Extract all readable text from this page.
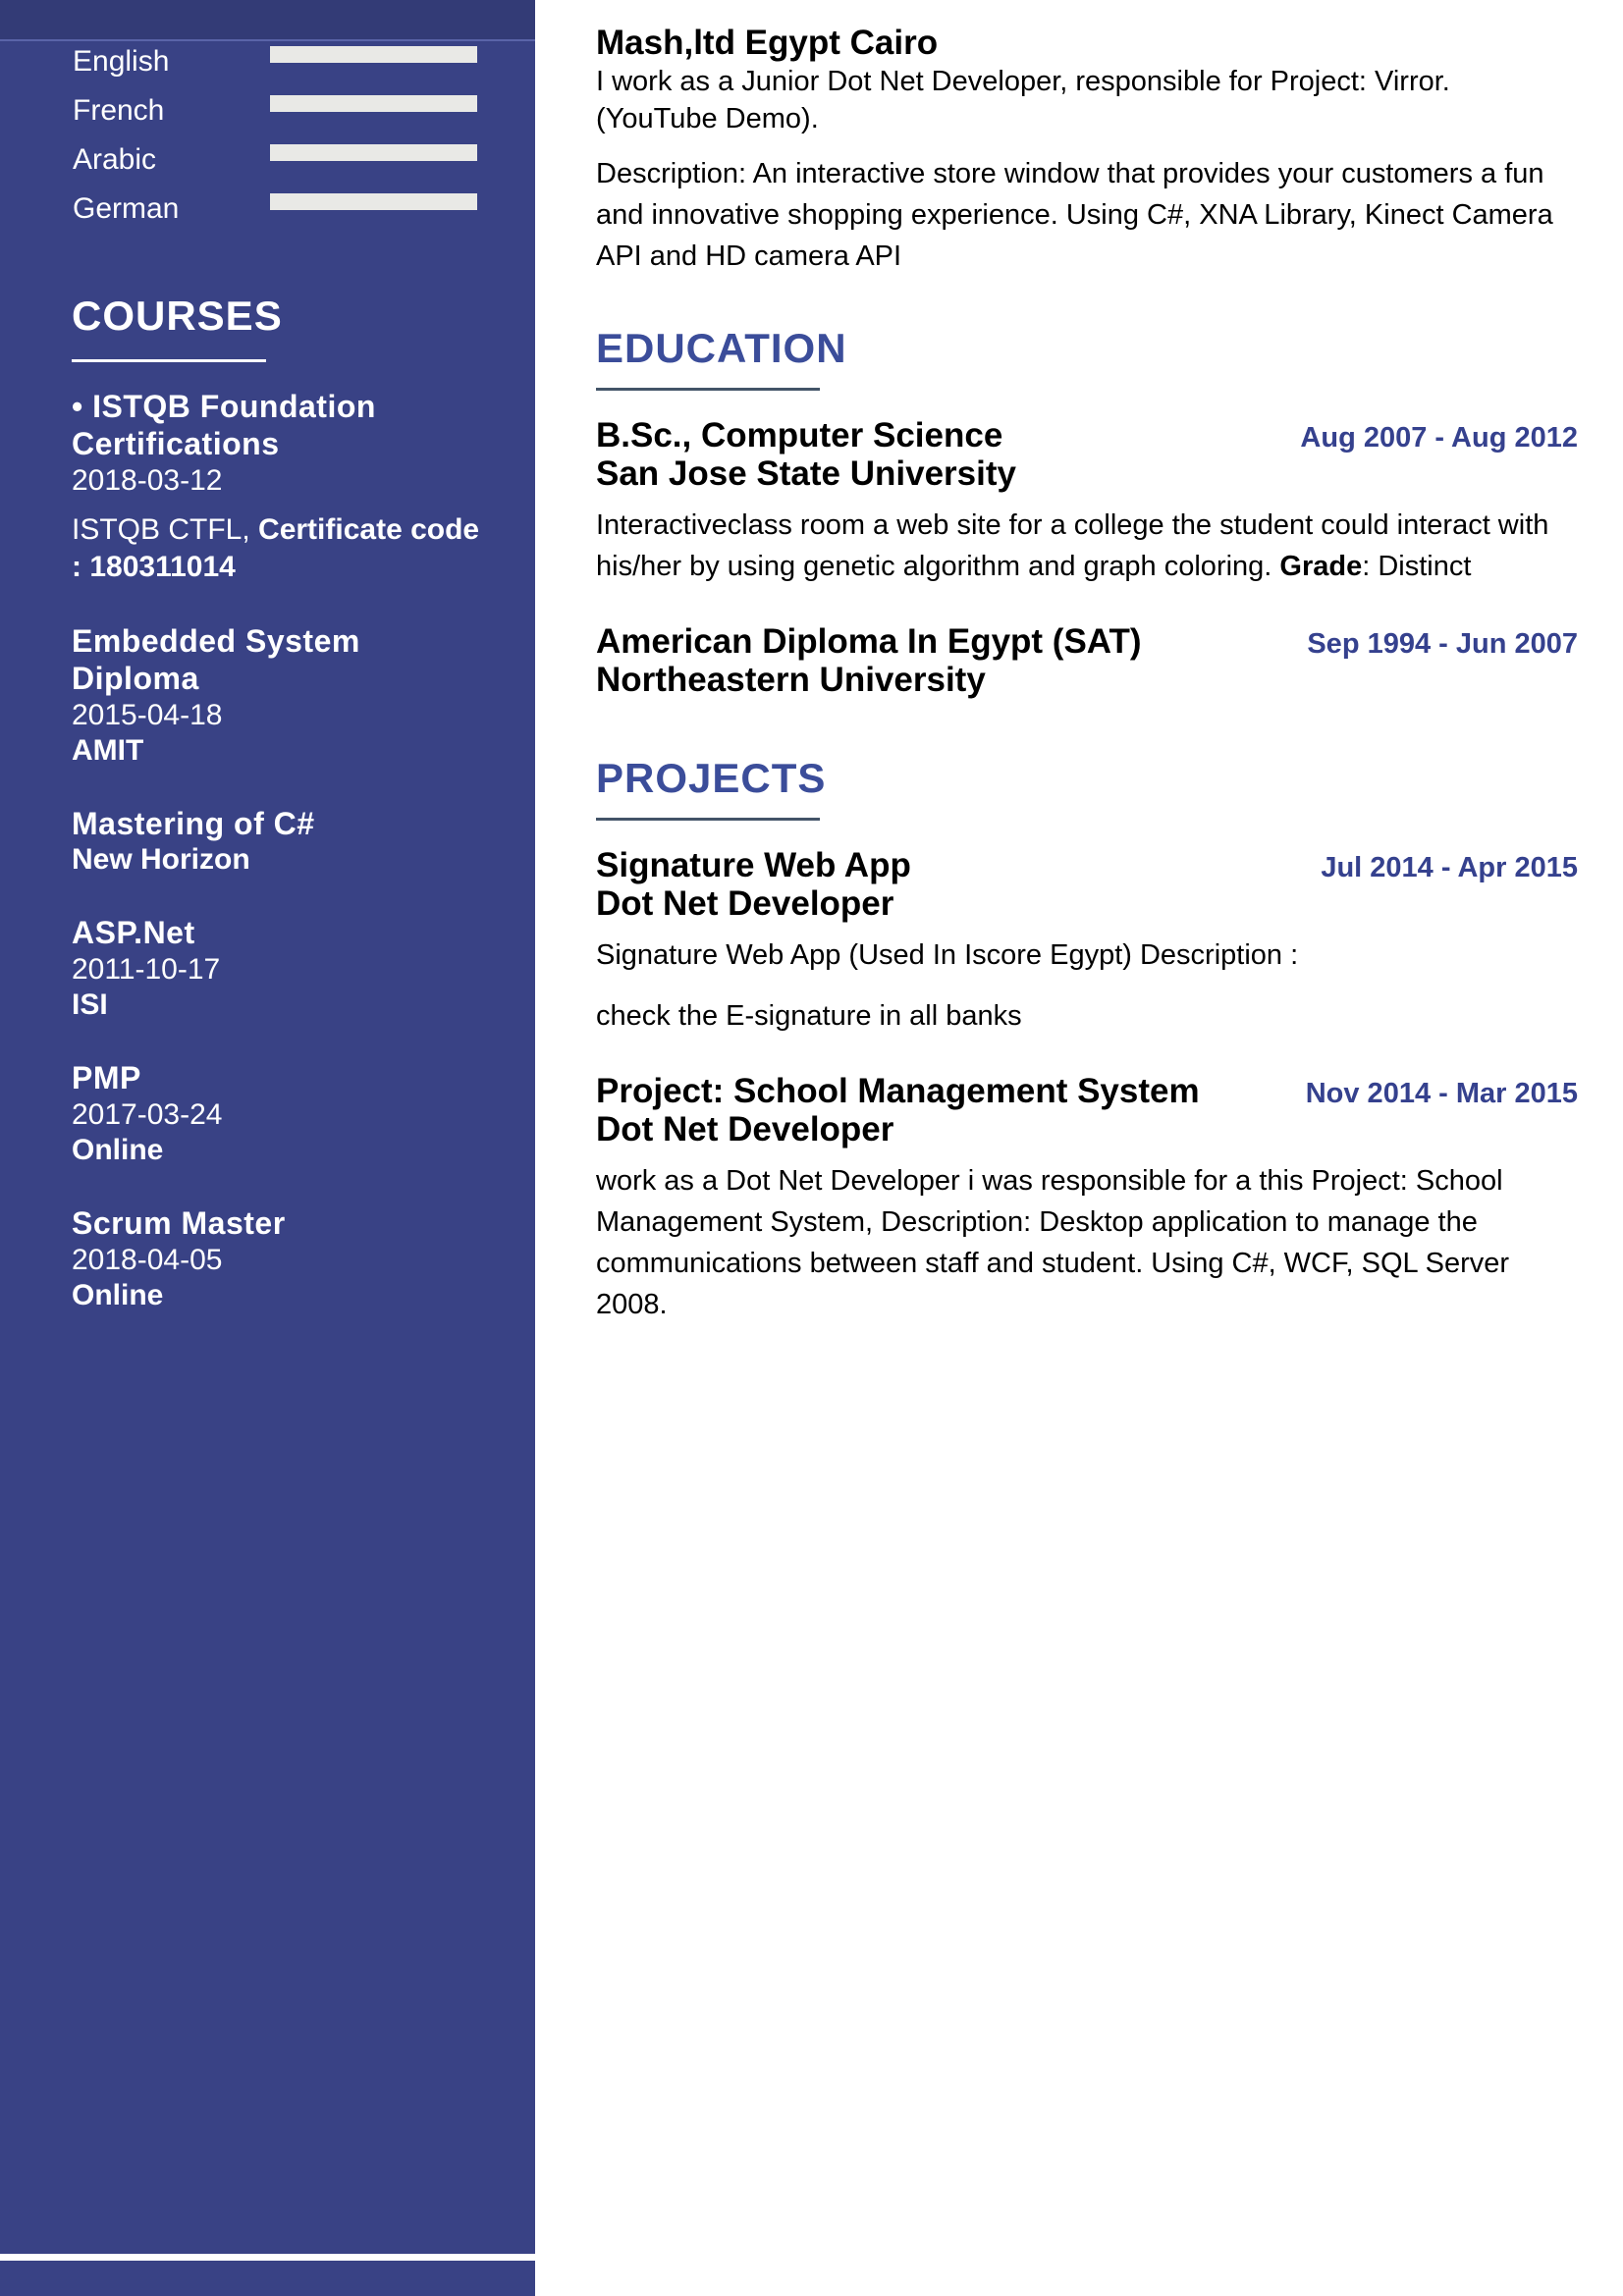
English
French
Arabic
German
COURSES
• ISTQB Foundation Certifications
2018-03-12
ISTQB CTFL, Certificate code : 180311014
Embedded System Diploma
2015-04-18
AMIT
Mastering of C#
New Horizon
ASP.Net
2011-10-17
ISI
PMP
2017-03-24
Online
Scrum Master
2018-04-05
Online
Mash,ltd Egypt Cairo
I work as a Junior Dot Net Developer, responsible for Project: Virror. (YouTube Demo).
Description: An interactive store window that provides your customers a fun and innovative shopping experience. Using C#, XNA Library, Kinect Camera API and HD camera API
EDUCATION
B.Sc., Computer Science	Aug 2007 - Aug 2012
San Jose State University
Interactiveclass room a web site for a college the student could interact with his/her by using genetic algorithm and graph coloring. Grade: Distinct
American Diploma In Egypt (SAT)	Sep 1994 - Jun 2007
Northeastern University
PROJECTS
Signature Web App	Jul 2014 - Apr 2015
Dot Net Developer
Signature Web App (Used In Iscore Egypt) Description :
check the E-signature in all banks
Project: School Management System	Nov 2014 - Mar 2015
Dot Net Developer
work as a Dot Net Developer i was responsible for a this Project: School Management System, Description: Desktop application to manage the communications between staff and student. Using C#, WCF, SQL Server 2008.
